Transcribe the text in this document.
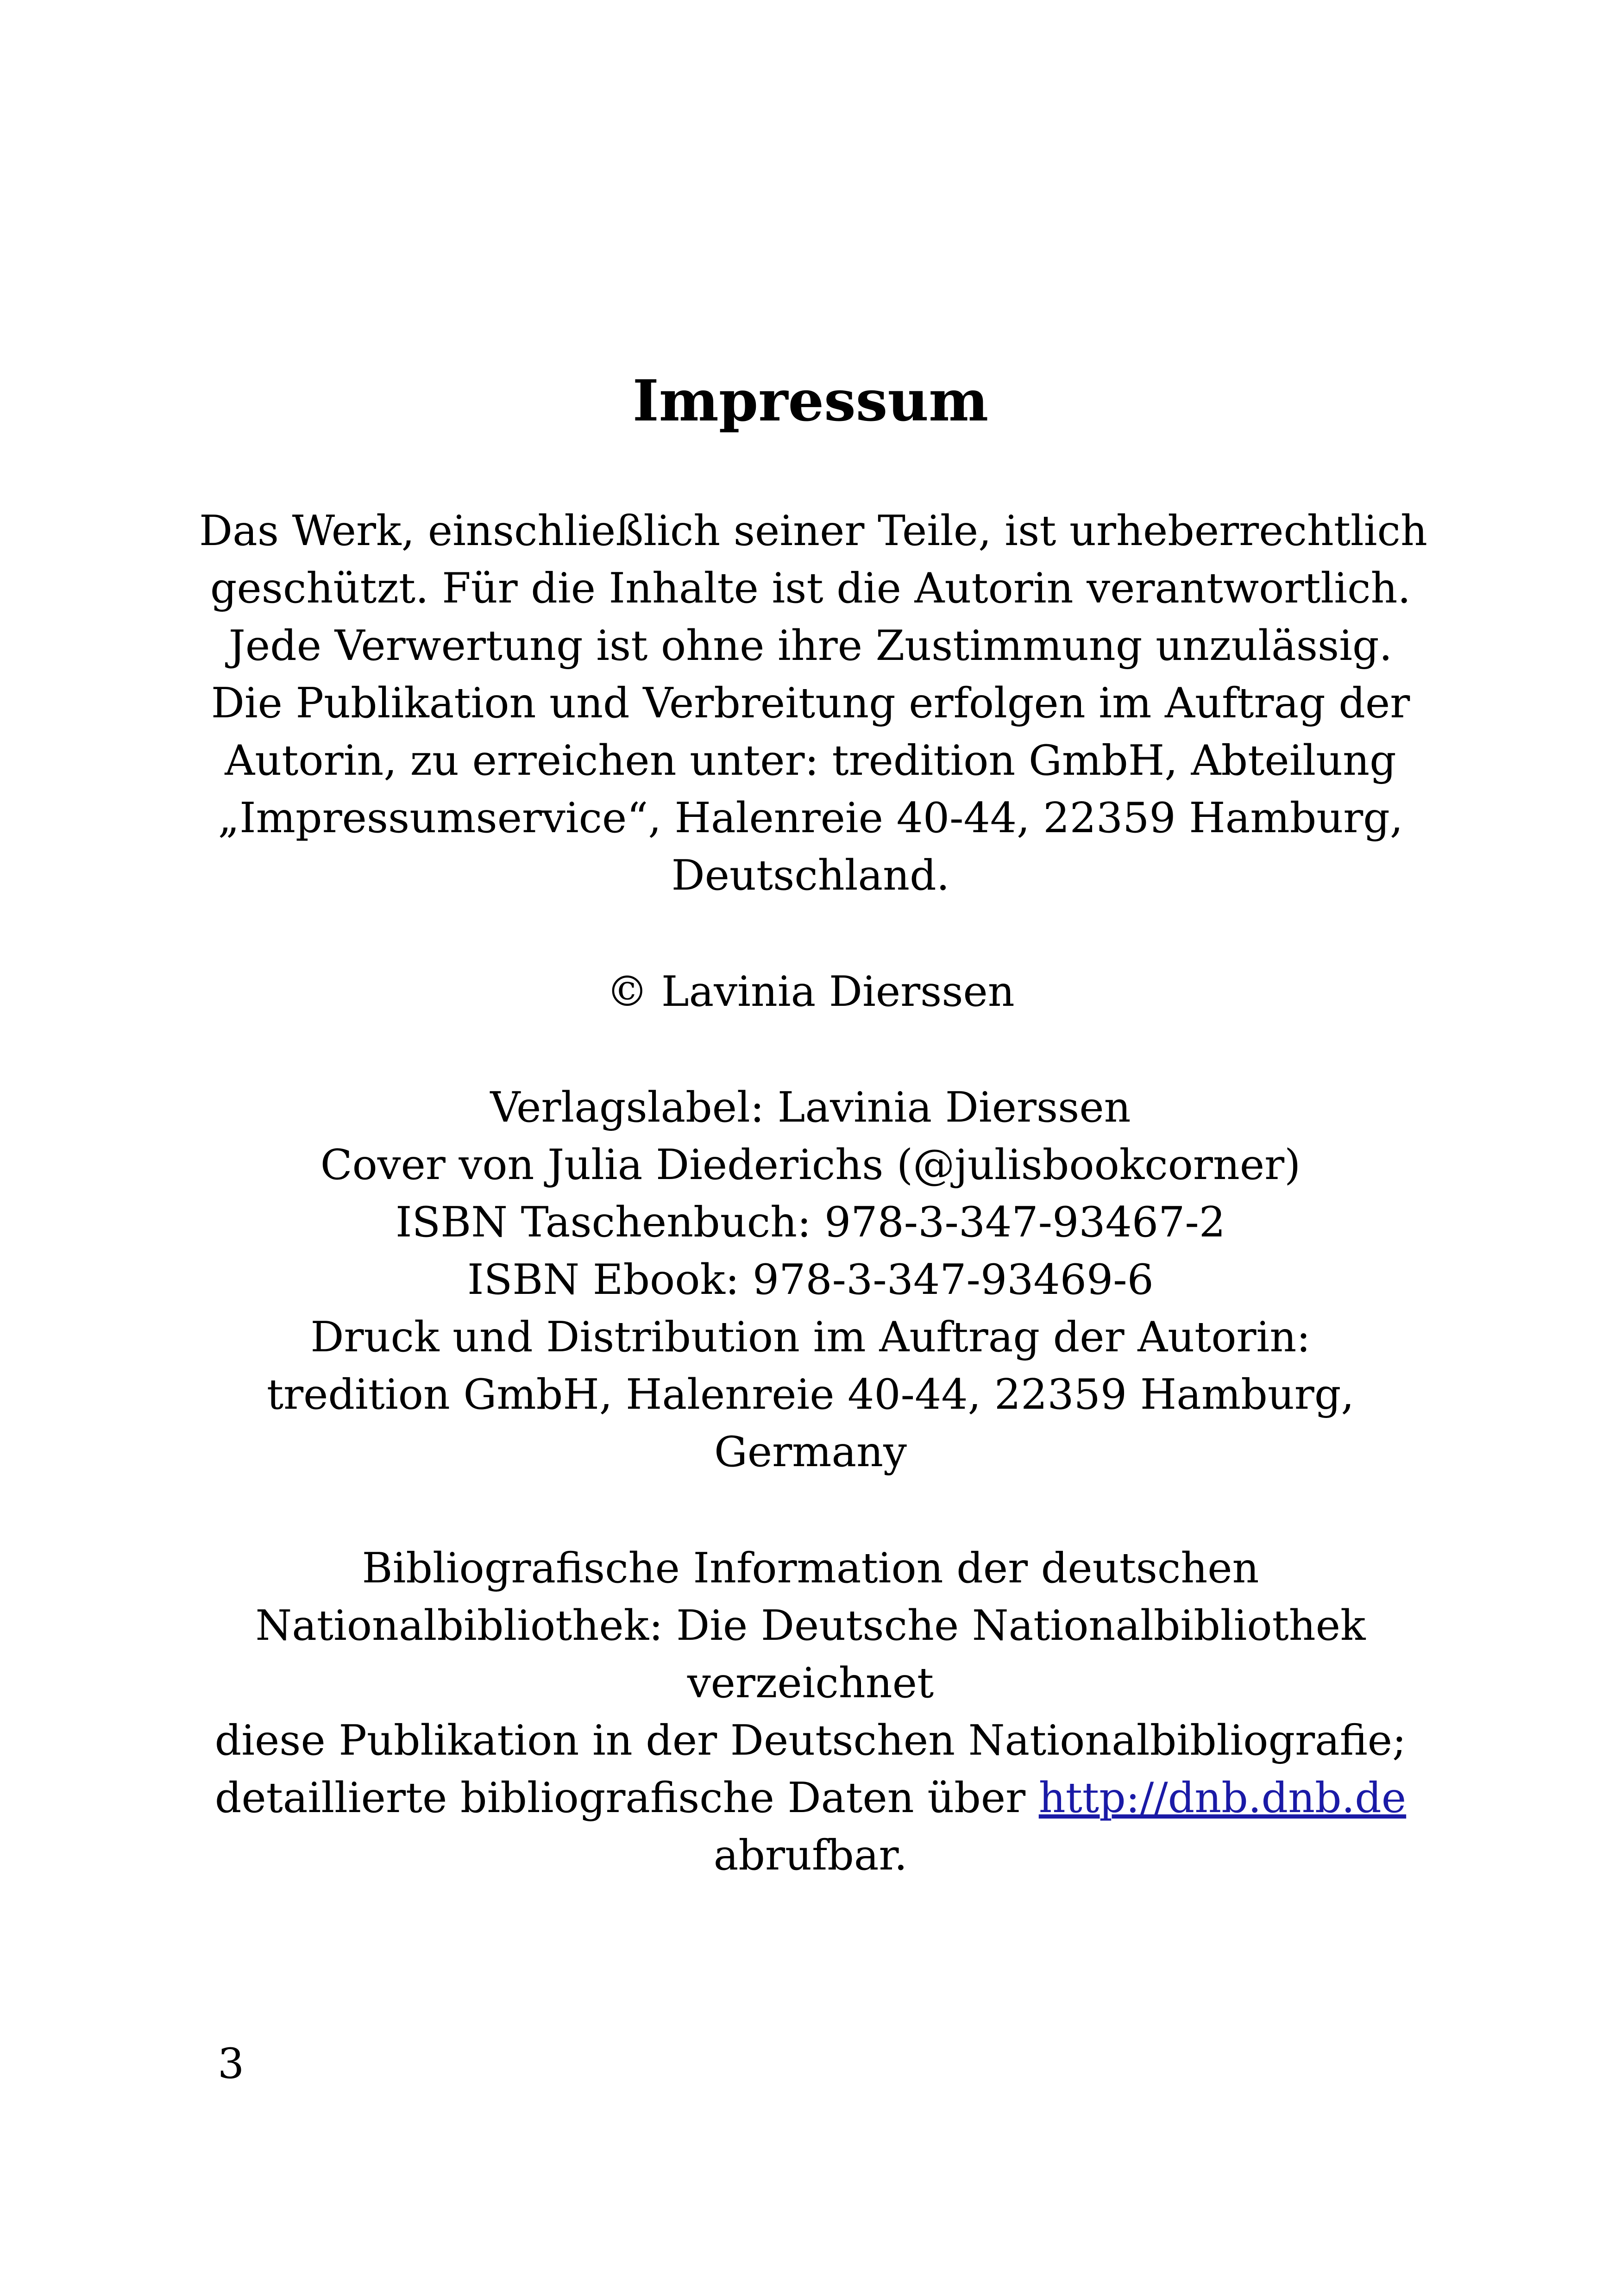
Impressum
Das Werk, einschließlich seiner Teile, ist urheberrechtlich
geschützt. Für die Inhalte ist die Autorin verantwortlich.
Jede Verwertung ist ohne ihre Zustimmung unzulässig.
Die Publikation und Verbreitung erfolgen im Auftrag der
Autorin, zu erreichen unter: tredition GmbH, Abteilung
„Impressumservice“, Halenreie 40-44, 22359 Hamburg,
Deutschland.
© Lavinia Dierssen
Verlagslabel: Lavinia Dierssen
Cover von Julia Diederichs (@julisbookcorner)
ISBN Taschenbuch: 978-3-347-93467-2
ISBN Ebook: 978-3-347-93469-6
Druck und Distribution im Auftrag der Autorin:
tredition GmbH, Halenreie 40-44, 22359 Hamburg,
Germany
Bibliografische Information der deutschen
Nationalbibliothek: Die Deutsche Nationalbibliothek
verzeichnet
diese Publikation in der Deutschen Nationalbibliografie;
detaillierte bibliografische Daten über http://dnb.dnb.de
abrufbar.
3
